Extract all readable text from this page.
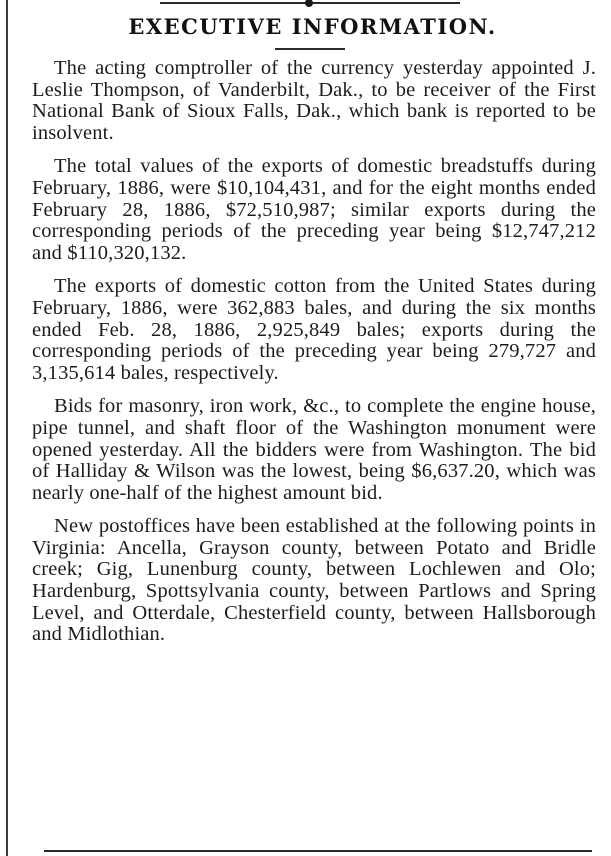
EXECUTIVE INFORMATION.

The acting comptroller of the currency yesterday appointed J. Leslie Thompson, of Vanderbilt, Dak., to be receiver of the First National Bank of Sioux Falls, Dak., which bank is reported to be insolvent.

The total values of the exports of domestic breadstuffs during February, 1886, were $10,104,431, and for the eight months ended February 28, 1886, $72,510,987; similar exports during the corresponding periods of the preceding year being $12,747,212 and $110,320,132.

The exports of domestic cotton from the United States during February, 1886, were 362,883 bales, and during the six months ended Feb. 28, 1886, 2,925,849 bales; exports during the corresponding periods of the preceding year being 279,727 and 3,135,614 bales, respectively.

Bids for masonry, iron work, &c., to complete the engine house, pipe tunnel, and shaft floor of the Washington monument were opened yesterday. All the bidders were from Washington. The bid of Halliday & Wilson was the lowest, being $6,637.20, which was nearly one-half of the highest amount bid.

New postoffices have been established at the following points in Virginia: Ancella, Grayson county, between Potato and Bridle creek; Gig, Lunenburg county, between Lochlewen and Olo; Hardenburg, Spottsylvania county, between Partlows and Spring Level, and Otterdale, Chesterfield county, between Hallsborough and Midlothian.
